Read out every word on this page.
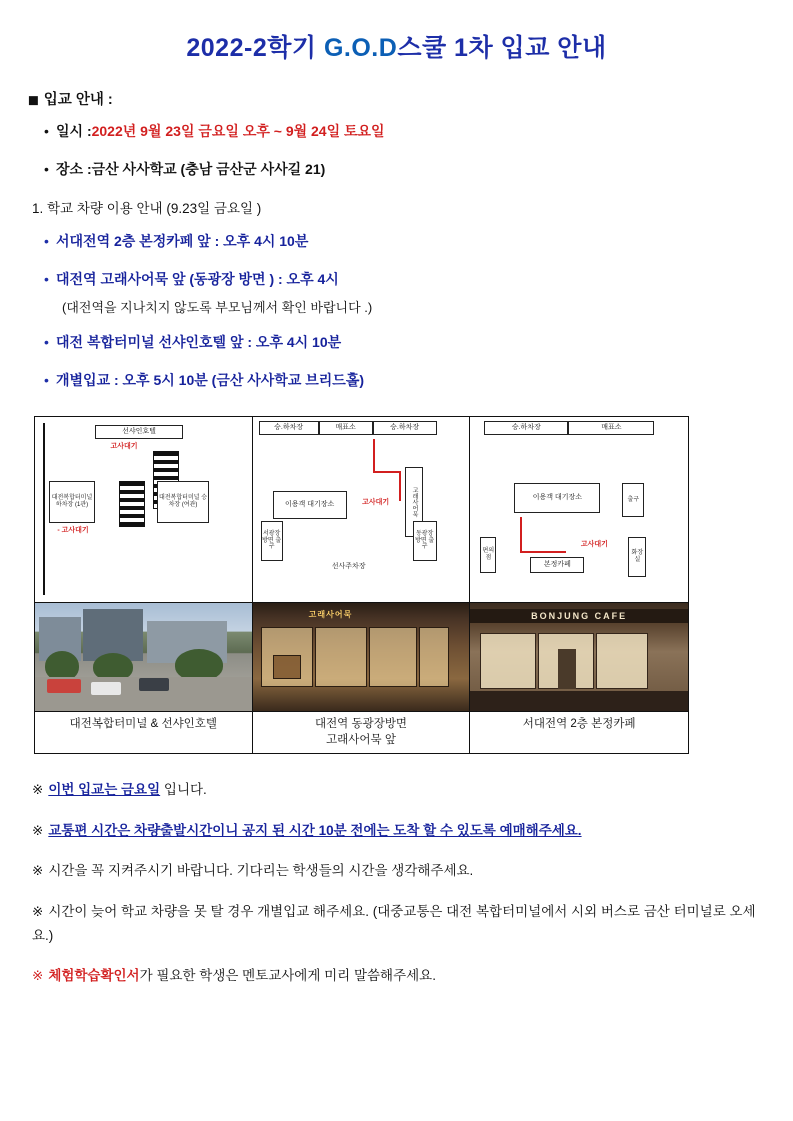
2022-2학기 G.O.D스쿨 1차 입교 안내
◼ 입교 안내 :
• 일시 : 2022년 9월 23일 금요일 오후 ~ 9월 24일 토요일
• 장소 : 금산 사사학교 (충남 금산군 사사길 21)
1. 학교 차량 이용 안내 (9.23일 금요일 )
• 서대전역 2층 본정카페 앞 : 오후 4시 10분
• 대전역 고래사어묵 앞 (동광장 방면 ) : 오후 4시
(대전역을 지나치지 않도록 부모님께서 확인 바랍니다 .)
• 대전 복합터미널 선샤인호텔 앞 : 오후 4시 10분
• 개별입교 : 오후 5시 10분 (금산 사사학교 브리드홀)
선샤인호텔
고사대기
대전복합터미널 하차장 (1관)
- 고사대기
대전복합터미널 승차장 (여관)
승.하차장	매표소	승.하차장
이용객 대기장소	고사대기	고래사어묵
서광장 방면 출구
동광장 방면 출구
선사주차장
승.하차장	매표소
이용객 대기장소	출구
고사대기
본정카페
편의점
화장실
대전복합터미널 & 선샤인호텔
고래사어묵
대전역 동광장방면
고래사어묵 앞
BONJUNG CAFE
서대전역 2층 본정카페
※ 이번 입교는 금요일 입니다.
※ 교통편 시간은 차량출발시간이니 공지 된 시간 10분 전에는 도착 할 수 있도록 예매해주세요.
※ 시간을 꼭 지켜주시기 바랍니다. 기다리는 학생들의 시간을 생각해주세요.
※ 시간이 늦어 학교 차량을 못 탈 경우 개별입교 해주세요. (대중교통은 대전 복합터미널에서 시외 버스로 금산 터미널로 오세요.)
※ 체험학습확인서가 필요한 학생은 멘토교사에게 미리 말씀해주세요.
